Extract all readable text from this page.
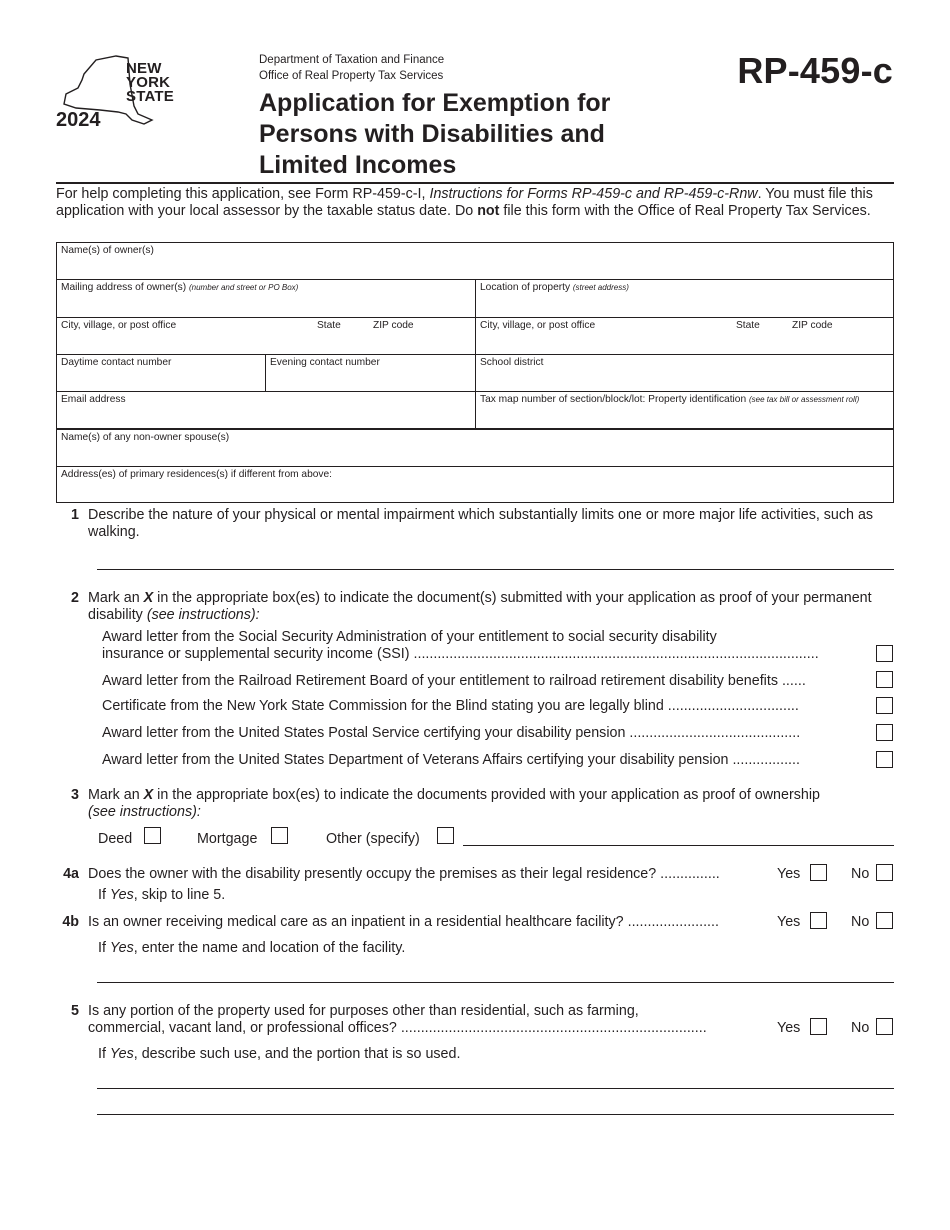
NEW
YORK
STATE
2024
Department of Taxation and Finance
Office of Real Property Tax Services
Application for Exemption for
Persons with Disabilities and
Limited Incomes
RP-459-c
For help completing this application, see Form RP-459-c-I, Instructions for Forms RP-459-c and RP-459-c-Rnw. You must file this application with your local assessor by the taxable status date. Do not file this form with the Office of Real Property Tax Services.
Name(s) of owner(s)
Mailing address of owner(s) (number and street or PO Box)	Location of property (street address)
City, village, or post office	State	ZIP code	City, village, or post office	State	ZIP code
Daytime contact number	Evening contact number	School district
Email address	Tax map number of section/block/lot: Property identification (see tax bill or assessment roll)
Name(s) of any non-owner spouse(s)
Address(es) of primary residences(s) if different from above:
1 Describe the nature of your physical or mental impairment which substantially limits one or more major life activities, such as walking.
2 Mark an X in the appropriate box(es) to indicate the document(s) submitted with your application as proof of your permanent disability (see instructions):
Award letter from the Social Security Administration of your entitlement to social security disability
insurance or supplemental security income (SSI) ......................................................................................................
Award letter from the Railroad Retirement Board of your entitlement to railroad retirement disability benefits ......
Certificate from the New York State Commission for the Blind stating you are legally blind .................................
Award letter from the United States Postal Service certifying your disability pension ...........................................
Award letter from the United States Department of Veterans Affairs certifying your disability pension .................
3 Mark an X in the appropriate box(es) to indicate the documents provided with your application as proof of ownership
(see instructions):
Deed	Mortgage	Other (specify)
4a Does the owner with the disability presently occupy the premises as their legal residence? ...............	Yes	No
If Yes, skip to line 5.
4b Is an owner receiving medical care as an inpatient in a residential healthcare facility? .......................	Yes	No
If Yes, enter the name and location of the facility.
5 Is any portion of the property used for purposes other than residential, such as farming,
commercial, vacant land, or professional offices? .............................................................................	Yes	No
If Yes, describe such use, and the portion that is so used.
